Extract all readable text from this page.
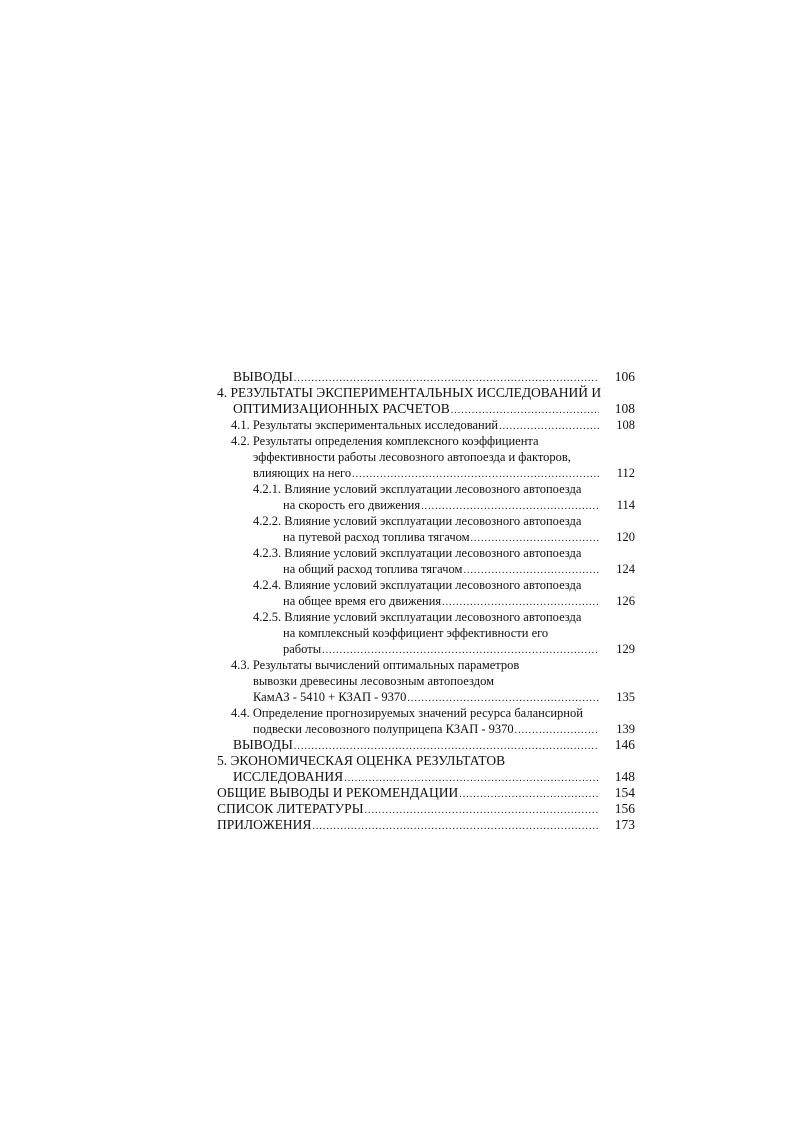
ВЫВОДЫ .....	106
4. РЕЗУЛЬТАТЫ ЭКСПЕРИМЕНТАЛЬНЫХ ИССЛЕДОВАНИЙ И
ОПТИМИЗАЦИОННЫХ РАСЧЕТОВ .....	108
4.1. Результаты экспериментальных исследований .....	108
4.2. Результаты определения комплексного коэффициента
эффективности работы лесовозного автопоезда и факторов,
влияющих на него .....	112
4.2.1. Влияние условий эксплуатации лесовозного автопоезда
на скорость его движения .....	114
4.2.2. Влияние условий эксплуатации лесовозного автопоезда
на путевой расход топлива тягачом .....	120
4.2.3. Влияние условий эксплуатации лесовозного автопоезда
на общий расход топлива тягачом .....	124
4.2.4. Влияние условий эксплуатации лесовозного автопоезда
на общее время его движения .....	126
4.2.5. Влияние условий эксплуатации лесовозного автопоезда
на комплексный коэффициент эффективности его
работы .....	129
4.3. Результаты вычислений оптимальных параметров
вывозки древесины лесовозным автопоездом
КамАЗ - 5410 + КЗАП - 9370 .....	135
4.4. Определение прогнозируемых значений ресурса балансирной
подвески лесовозного полуприцепа КЗАП - 9370 .....	139
ВЫВОДЫ .....	146
5. ЭКОНОМИЧЕСКАЯ ОЦЕНКА РЕЗУЛЬТАТОВ
ИССЛЕДОВАНИЯ .....	148
ОБЩИЕ ВЫВОДЫ И РЕКОМЕНДАЦИИ .....	154
СПИСОК ЛИТЕРАТУРЫ .....	156
ПРИЛОЖЕНИЯ .....	173
